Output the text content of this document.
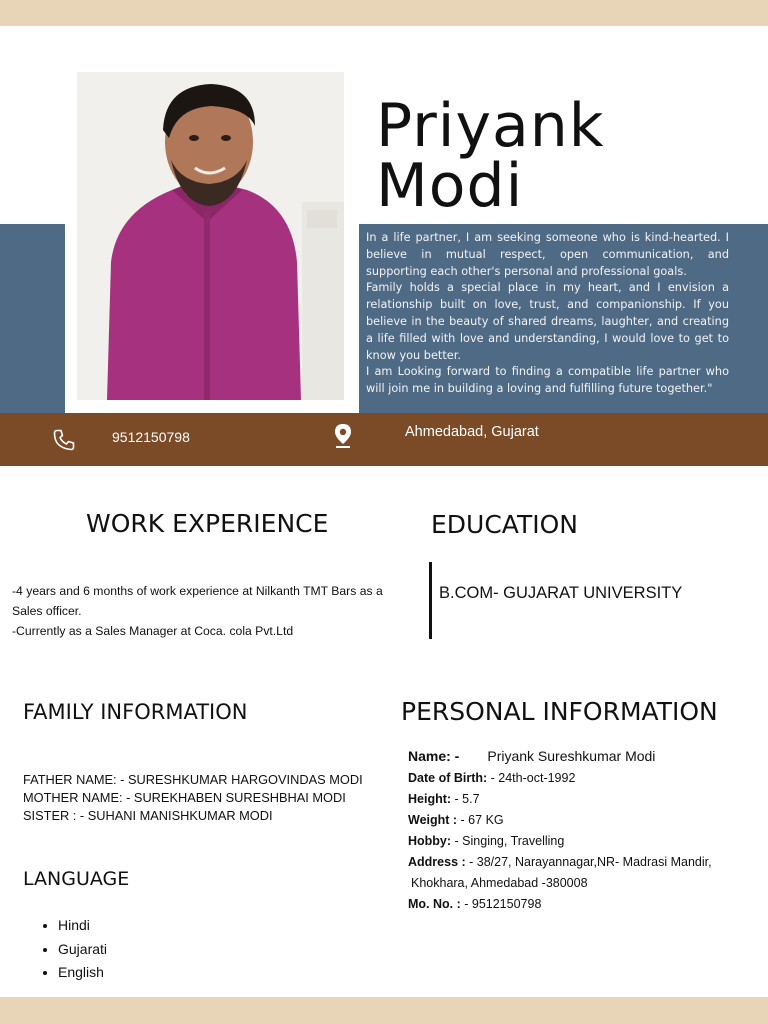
Priyank
Modi

In a life partner, I am seeking someone who is kind-hearted. I believe in mutual respect, open communication, and supporting each other's personal and professional goals.

Family holds a special place in my heart, and I envision a relationship built on love, trust, and companionship. If you believe in the beauty of shared dreams, laughter, and creating a life filled with love and understanding, I would love to get to know you better.

I am Looking forward to finding a compatible life partner who will join me in building a loving and fulfilling future together."

9512150798	Ahmedabad, Gujarat
WORK EXPERIENCE
-4 years and 6 months of work experience at Nilkanth TMT Bars as a Sales officer.
-Currently as a Sales Manager at Coca. cola Pvt.Ltd
EDUCATION
B.COM- GUJARAT UNIVERSITY
FAMILY INFORMATION
FATHER NAME: - SURESHKUMAR HARGOVINDAS MODI
MOTHER NAME: - SUREKHABEN SURESHBHAI MODI
SISTER : - SUHANI MANISHKUMAR MODI
LANGUAGE
• Hindi
• Gujarati
• English
PERSONAL INFORMATION
Name: - Priyank Sureshkumar Modi
Date of Birth: - 24th-oct-1992
Height: - 5.7
Weight : - 67 KG
Hobby: - Singing, Travelling
Address : - 38/27, Narayannagar,NR- Madrasi Mandir,
Khokhara, Ahmedabad -380008
Mo. No. : - 9512150798
